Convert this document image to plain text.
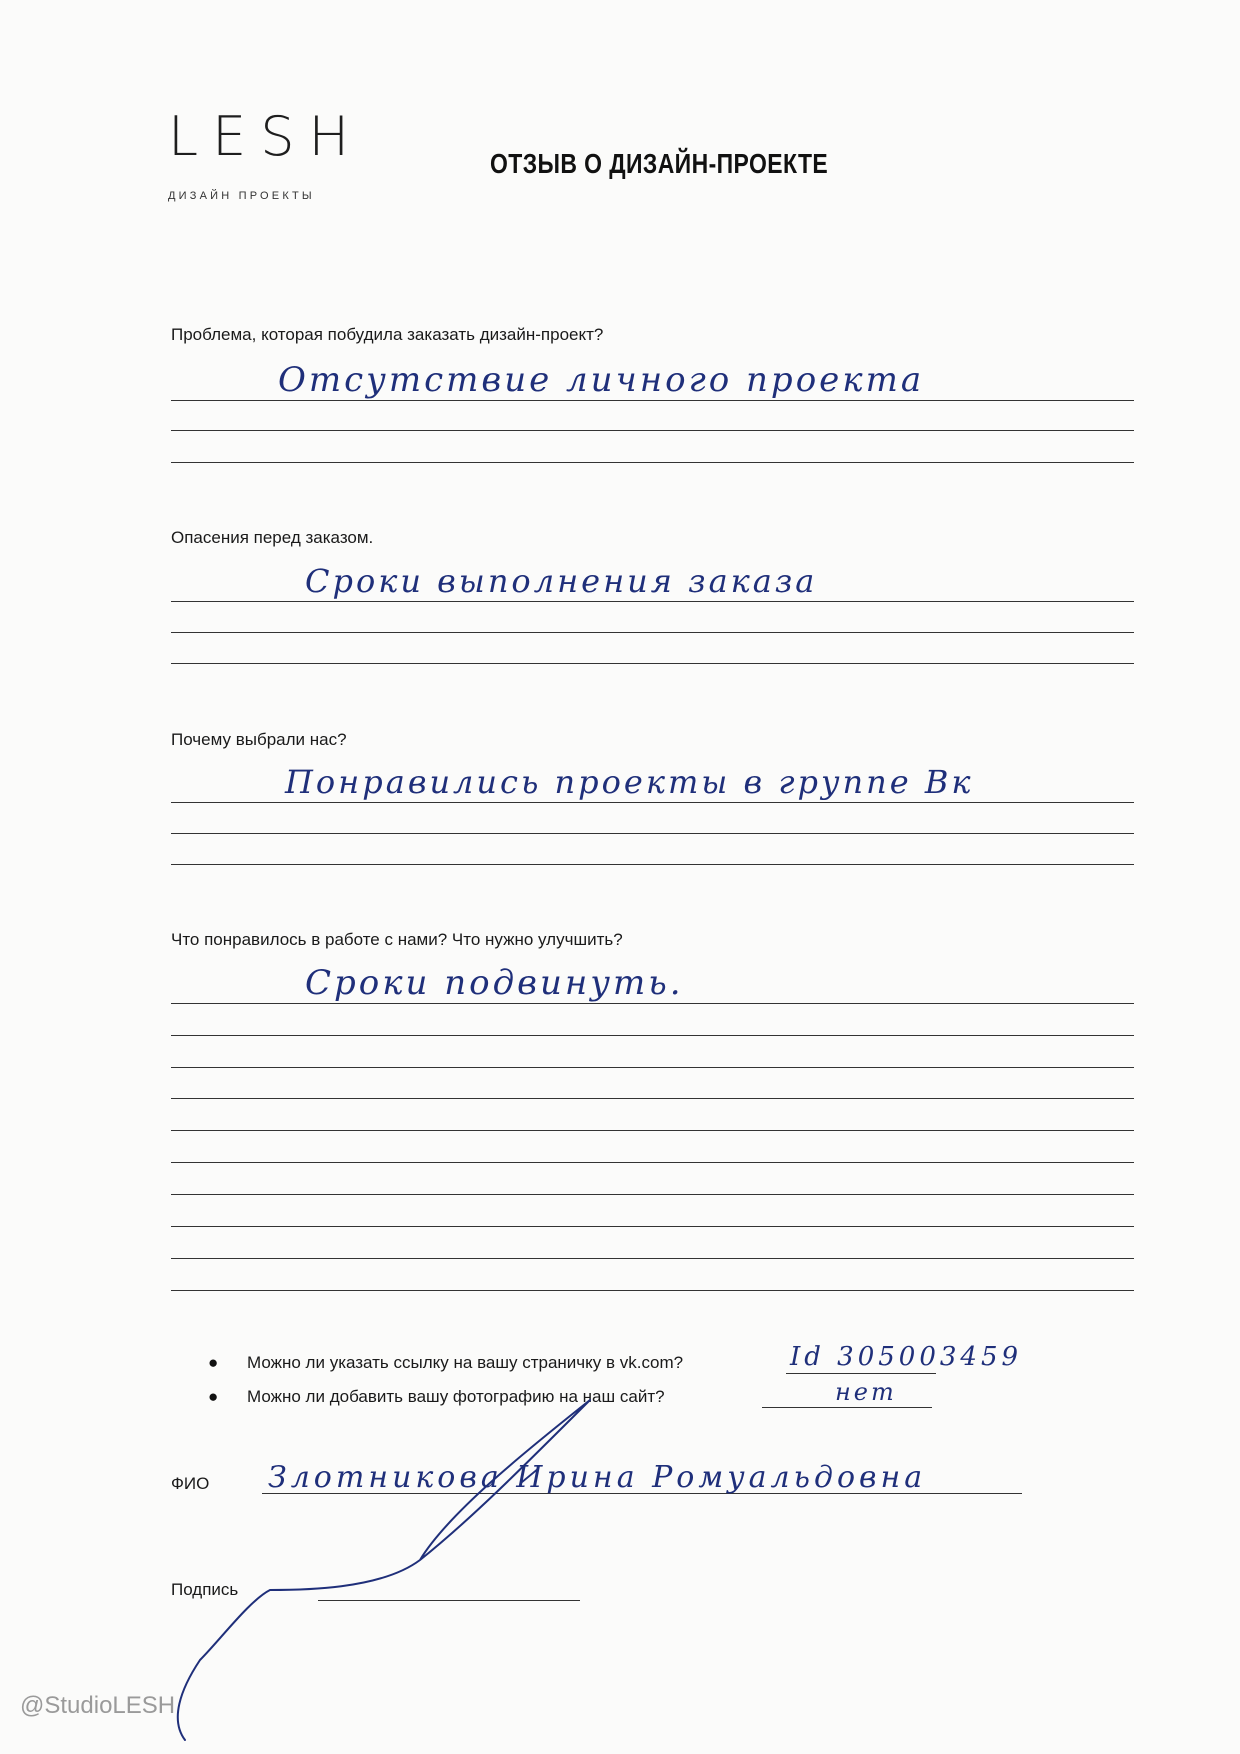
LESH
ДИЗАЙН ПРОЕКТЫ
ОТЗЫВ О ДИЗАЙН-ПРОЕКТЕ
Проблема, которая побудила заказать дизайн-проект?
Отсутствие личного проекта
Опасения перед заказом.
Сроки выполнения заказа
Почему выбрали нас?
Понравились проекты в группе Вк
Что понравилось в работе с нами? Что нужно улучшить?
Сроки подвинуть.
● Можно ли указать ссылку на вашу страничку в vk.com?	Id 305003459
● Можно ли добавить вашу фотографию на наш сайт?	нет
ФИО Злотникова Ирина Ромуальдовна
Подпись
@StudioLESH
